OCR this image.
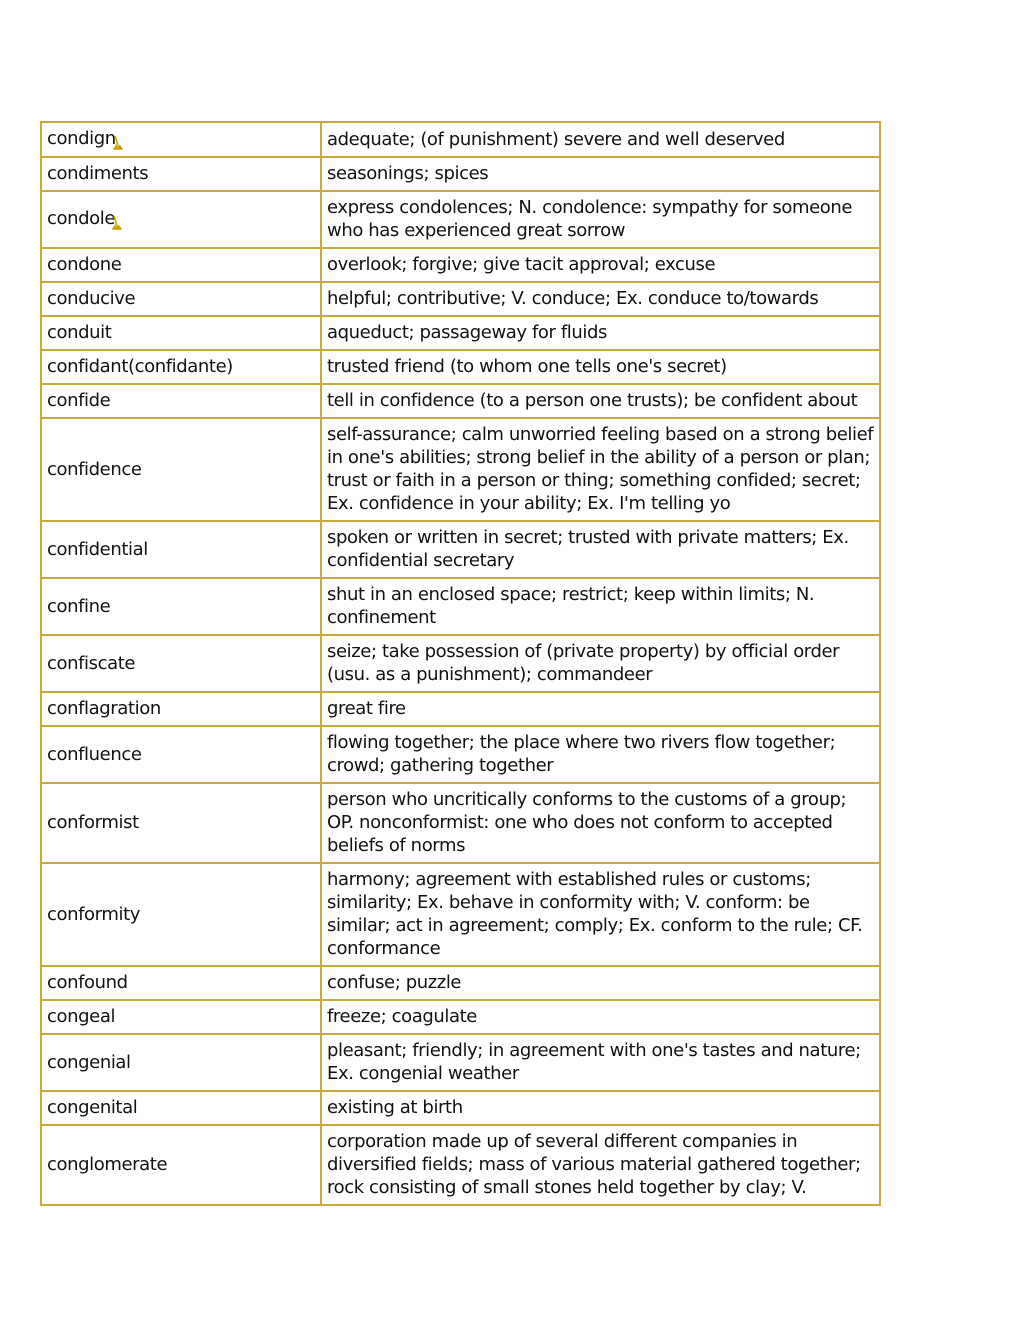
condign	adequate; (of punishment) severe and well deserved
condiments	seasonings; spices
condole	express condolences; N. condolence: sympathy for someone who has experienced great sorrow
condone	overlook; forgive; give tacit approval; excuse
conducive	helpful; contributive; V. conduce; Ex. conduce to/towards
conduit	aqueduct; passageway for fluids
confidant(confidante)	trusted friend (to whom one tells one's secret)
confide	tell in confidence (to a person one trusts); be confident about
confidence	self-assurance; calm unworried feeling based on a strong belief in one's abilities; strong belief in the ability of a person or plan; trust or faith in a person or thing; something confided; secret; Ex. confidence in your ability; Ex. I'm telling yo
confidential	spoken or written in secret; trusted with private matters; Ex. confidential secretary
confine	shut in an enclosed space; restrict; keep within limits; N. confinement
confiscate	seize; take possession of (private property) by official order (usu. as a punishment); commandeer
conflagration	great fire
confluence	flowing together; the place where two rivers flow together; crowd; gathering together
conformist	person who uncritically conforms to the customs of a group; OP. nonconformist: one who does not conform to accepted beliefs of norms
conformity	harmony; agreement with established rules or customs; similarity; Ex. behave in conformity with; V. conform: be similar; act in agreement; comply; Ex. conform to the rule; CF. conformance
confound	confuse; puzzle
congeal	freeze; coagulate
congenial	pleasant; friendly; in agreement with one's tastes and nature; Ex. congenial weather
congenital	existing at birth
conglomerate	corporation made up of several different companies in diversified fields; mass of various material gathered together; rock consisting of small stones held together by clay; V.
